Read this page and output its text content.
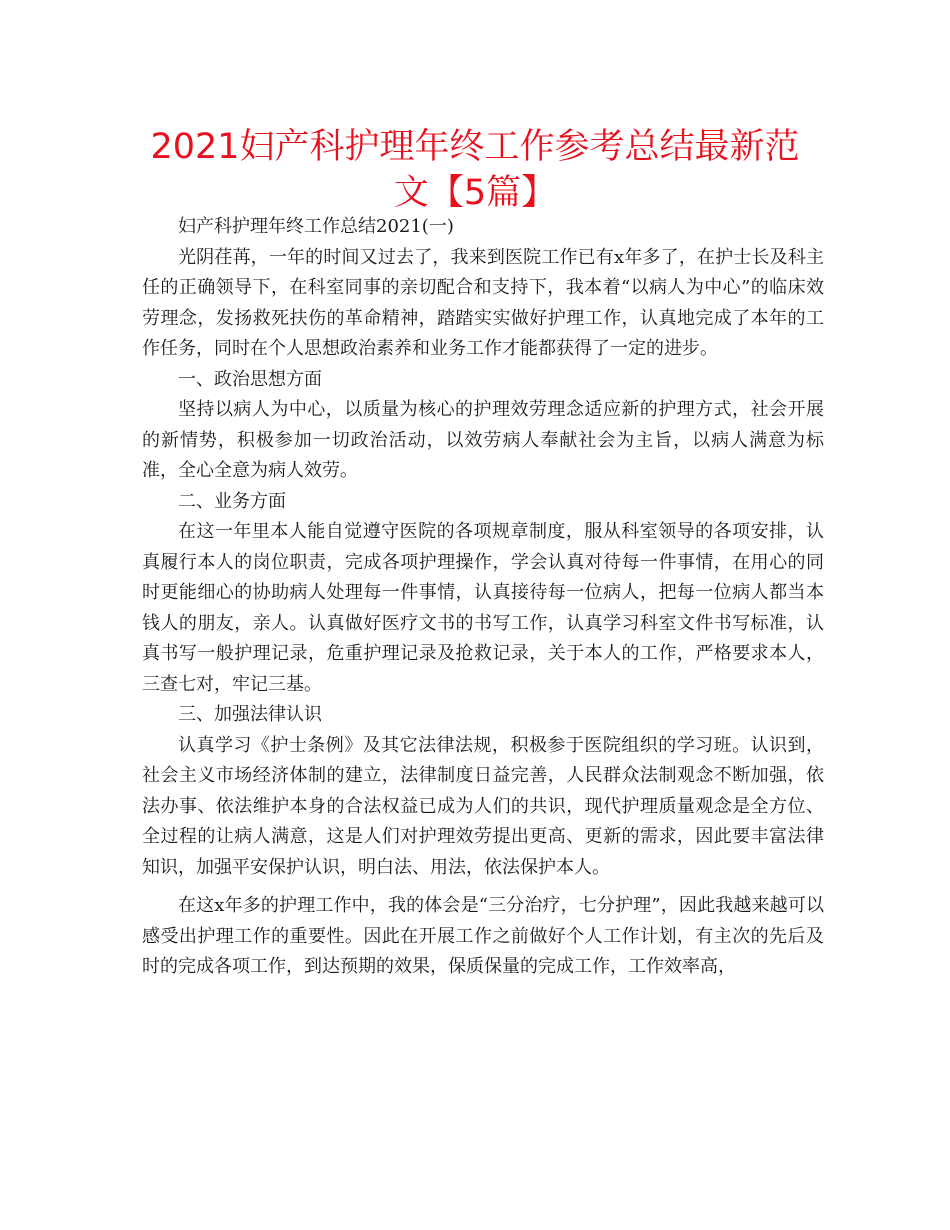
2021妇产科护理年终工作参考总结最新范文【5篇】

妇产科护理年终工作总结2021(一)

光阴荏苒，一年的时间又过去了，我来到医院工作已有x年多了，在护士长及科主任的正确领导下，在科室同事的亲切配合和支持下，我本着“以病人为中心”的临床效劳理念，发扬救死扶伤的革命精神，踏踏实实做好护理工作，认真地完成了本年的工作任务，同时在个人思想政治素养和业务工作才能都获得了一定的进步。

一、政治思想方面

坚持以病人为中心，以质量为核心的护理效劳理念适应新的护理方式，社会开展的新情势，积极参加一切政治活动，以效劳病人奉献社会为主旨，以病人满意为标准，全心全意为病人效劳。

二、业务方面

在这一年里本人能自觉遵守医院的各项规章制度，服从科室领导的各项安排，认真履行本人的岗位职责，完成各项护理操作，学会认真对待每一件事情，在用心的同时更能细心的协助病人处理每一件事情，认真接待每一位病人，把每一位病人都当本钱人的朋友，亲人。认真做好医疗文书的书写工作，认真学习科室文件书写标准，认真书写一般护理记录，危重护理记录及抢救记录，关于本人的工作，严格要求本人，三查七对，牢记三基。

三、加强法律认识

认真学习《护士条例》及其它法律法规，积极参于医院组织的学习班。认识到，社会主义市场经济体制的建立，法律制度日益完善，人民群众法制观念不断加强，依法办事、依法维护本身的合法权益已成为人们的共识，现代护理质量观念是全方位、全过程的让病人满意，这是人们对护理效劳提出更高、更新的需求，因此要丰富法律知识，加强平安保护认识，明白法、用法，依法保护本人。

在这x年多的护理工作中，我的体会是“三分治疗，七分护理”，因此我越来越可以感受出护理工作的重要性。因此在开展工作之前做好个人工作计划，有主次的先后及时的完成各项工作，到达预期的效果，保质保量的完成工作，工作效率高，
